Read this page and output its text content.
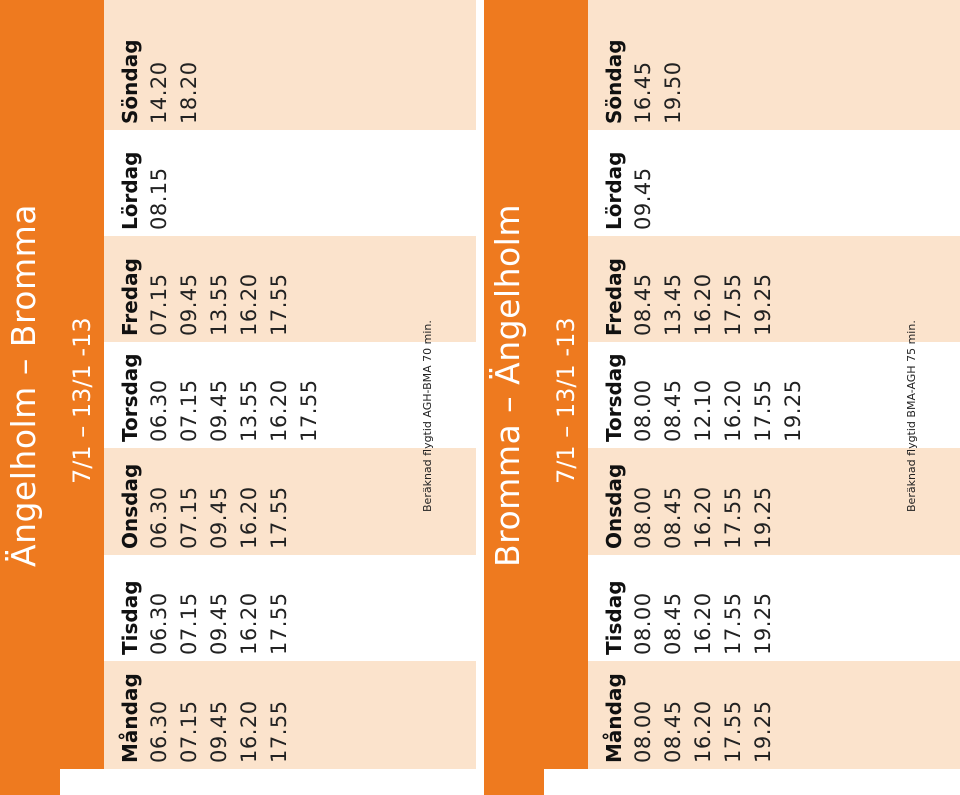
Ängelholm – Bromma 7/1 – 13/1 -13
Måndag 06.30 07.15 09.45 16.20 17.55
Tisdag 06.30 07.15 09.45 16.20 17.55
Onsdag 06.30 07.15 09.45 16.20 17.55
Torsdag 06.30 07.15 09.45 13.55 16.20 17.55
Fredag 07.15 09.45 13.55 16.20 17.55
Lördag 08.15
Söndag 14.20 18.20
Beräknad flygtid AGH-BMA 70 min. Bromma – Ängelholm 7/1 – 13/1 -13
Måndag 08.00 08.45 16.20 17.55 19.25
Tisdag 08.00 08.45 16.20 17.55 19.25
Onsdag 08.00 08.45 16.20 17.55 19.25
Torsdag 08.00 08.45 12.10 16.20 17.55 19.25
Fredag 08.45 13.45 16.20 17.55 19.25
Lördag 09.45
Söndag 16.45 19.50
Beräknad flygtid BMA-AGH 75 min.
